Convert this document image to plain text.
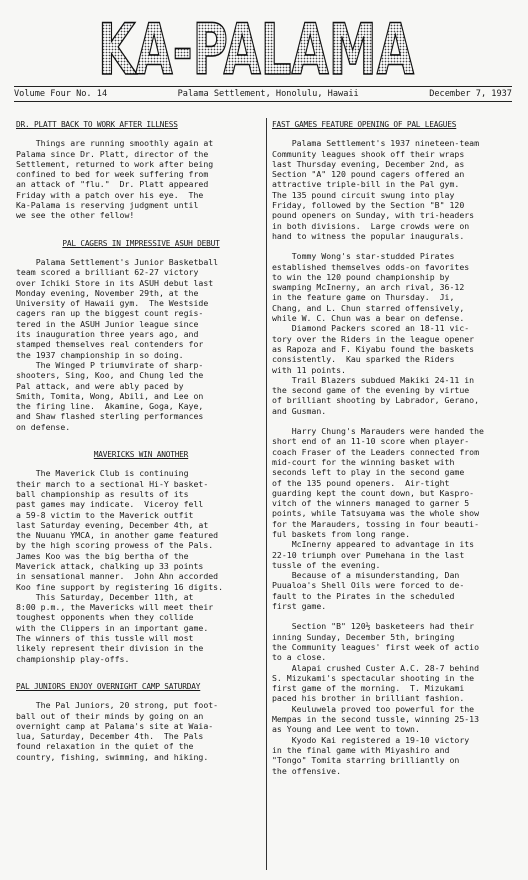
KA-PALAMA
Volume Four No. 14	Palama Settlement, Honolulu, Hawaii	December 7, 1937
DR. PLATT BACK TO WORK AFTER ILLNESS
Things are running smoothly again at
Palama since Dr. Platt, director of the
Settlement, returned to work after being
confined to bed for week suffering from
an attack of "flu."  Dr. Platt appeared
Friday with a patch over his eye.  The
Ka-Palama is reserving judgment until
we see the other fellow!
PAL CAGERS IN IMPRESSIVE ASUH DEBUT
Palama Settlement's Junior Basketball
team scored a brilliant 62-27 victory
over Ichiki Store in its ASUH debut last
Monday evening, November 29th, at the
University of Hawaii gym.  The Westside
cagers ran up the biggest count regis-
tered in the ASUH Junior league since
its inauguration three years ago, and
stamped themselves real contenders for
the 1937 championship in so doing.
The Winged P triumvirate of sharp-
shooters, Sing, Koo, and Chung led the
Pal attack, and were ably paced by
Smith, Tomita, Wong, Abili, and Lee on
the firing line.  Akamine, Goga, Kaye,
and Shaw flashed sterling performances
on defense.
MAVERICKS WIN ANOTHER
The Maverick Club is continuing
their march to a sectional Hi-Y basket-
ball championship as results of its
past games may indicate.  Viceroy fell
a 59-8 victim to the Maverick outfit
last Saturday evening, December 4th, at
the Nuuanu YMCA, in another game featured
by the high scoring prowess of the Pals.
James Koo was the big bertha of the
Maverick attack, chalking up 33 points
in sensational manner.  John Ahn accorded
Koo fine support by registering 16 digits.
This Saturday, December 11th, at
8:00 p.m., the Mavericks will meet their
toughest opponents when they collide
with the Clippers in an important game.
The winners of this tussle will most
likely represent their division in the
championship play-offs.
PAL JUNIORS ENJOY OVERNIGHT CAMP SATURDAY
The Pal Juniors, 20 strong, put foot-
ball out of their minds by going on an
overnight camp at Palama's site at Waia-
lua, Saturday, December 4th.  The Pals
found relaxation in the quiet of the
country, fishing, swimming, and hiking.
FAST GAMES FEATURE OPENING OF PAL LEAGUES
Palama Settlement's 1937 nineteen-team
Community leagues shook off their wraps
last Thursday evening, December 2nd, as
Section "A" 120 pound cagers offered an
attractive triple-bill in the Pal gym.
The 135 pound circuit swung into play
Friday, followed by the Section "B" 120
pound openers on Sunday, with tri-headers
in both divisions.  Large crowds were on
hand to witness the popular inaugurals.
Tommy Wong's star-studded Pirates
established themselves odds-on favorites
to win the 120 pound championship by
swamping McInerny, an arch rival, 36-12
in the feature game on Thursday.  Ji,
Chang, and L. Chun starred offensively,
while W. C. Chun was a bear on defense.
Diamond Packers scored an 18-11 vic-
tory over the Riders in the league opener
as Rapoza and F. Kiyabu found the baskets
consistently.  Kau sparked the Riders
with 11 points.
Trail Blazers subdued Makiki 24-11 in
the second game of the evening by virtue
of brilliant shooting by Labrador, Gerano,
and Gusman.
Harry Chung's Marauders were handed the
short end of an 11-10 score when player-
coach Fraser of the Leaders connected from
mid-court for the winning basket with
seconds left to play in the second game
of the 135 pound openers.  Air-tight
guarding kept the count down, but Kaspro-
vitch of the winners managed to garner 5
points, while Tatsuyama was the whole show
for the Marauders, tossing in four beauti-
ful baskets from long range.
McInerny appeared to advantage in its
22-10 triumph over Pumehana in the last
tussle of the evening.
Because of a misunderstanding, Dan
Puualoa's Shell Oils were forced to de-
fault to the Pirates in the scheduled
first game.
Section "B" 120½ basketeers had their
inning Sunday, December 5th, bringing
the Community leagues' first week of actio
to a close.
Alapai crushed Custer A.C. 28-7 behind
S. Mizukami's spectacular shooting in the
first game of the morning.  T. Mizukami
paced his brother in brilliant fashion.
Keuluwela proved too powerful for the
Mempas in the second tussle, winning 25-13
as Young and Lee went to town.
Kyodo Kai registered a 19-10 victory
in the final game with Miyashiro and
"Tongo" Tomita starring brilliantly on
the offensive.
